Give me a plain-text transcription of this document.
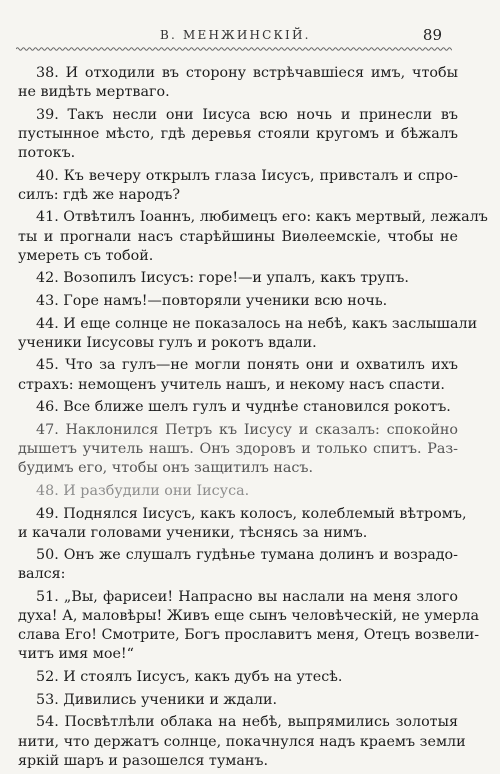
В. МЕНЖИНСКІЙ.	89
38. И отходили въ сторону встрѣчавшiеся имъ, чтобы
не видѣть мертваго.
39. Такъ несли они Іисуса всю ночь и принесли въ
пустынное мѣсто, гдѣ деревья стояли кругомъ и бѣжалъ
потокъ.
40. Къ вечеру открылъ глаза Іисусъ, привсталъ и спро-
силъ: гдѣ же народъ?
41. Отвѣтилъ Іоаннъ, любимецъ его: какъ мертвый, лежалъ
ты и прогнали насъ старѣйшины Виѳлеемскiе, чтобы не
умереть съ тобой.
42. Возопилъ Іисусъ: горе!—и упалъ, какъ трупъ.
43. Горе намъ!—повторяли ученики всю ночь.
44. И еще солнце не показалось на небѣ, какъ заслышали
ученики Іисусовы гулъ и рокотъ вдали.
45. Что за гулъ—не могли понять они и охватилъ ихъ
страхъ: немощенъ учитель нашъ, и некому насъ спасти.
46. Все ближе шелъ гулъ и чуднѣе становился рокотъ.
47. Наклонился Петръ къ Іисусу и сказалъ: спокойно
дышетъ учитель нашъ. Онъ здоровъ и только спитъ. Раз-
будимъ его, чтобы онъ защитилъ насъ.
48. И разбудили они Іисуса.
49. Поднялся Іисусъ, какъ колосъ, колеблемый вѣтромъ,
и качали головами ученики, тѣснясь за нимъ.
50. Онъ же слушалъ гудѣнье тумана долинъ и возрадо-
вался:
51. „Вы, фарисеи! Напрасно вы наслали на меня злого
духа! А, маловѣры! Живъ еще сынъ человѣческiй, не умерла
слава Его! Смотрите, Богъ прославитъ меня, Отецъ возвели-
читъ имя мое!“
52. И стоялъ Іисусъ, какъ дубъ на утесѣ.
53. Дивились ученики и ждали.
54. Посвѣтлѣли облака на небѣ, выпрямились золотыя
нити, что держатъ солнце, покачнулся надъ краемъ земли
яркiй шаръ и разошелся туманъ.
